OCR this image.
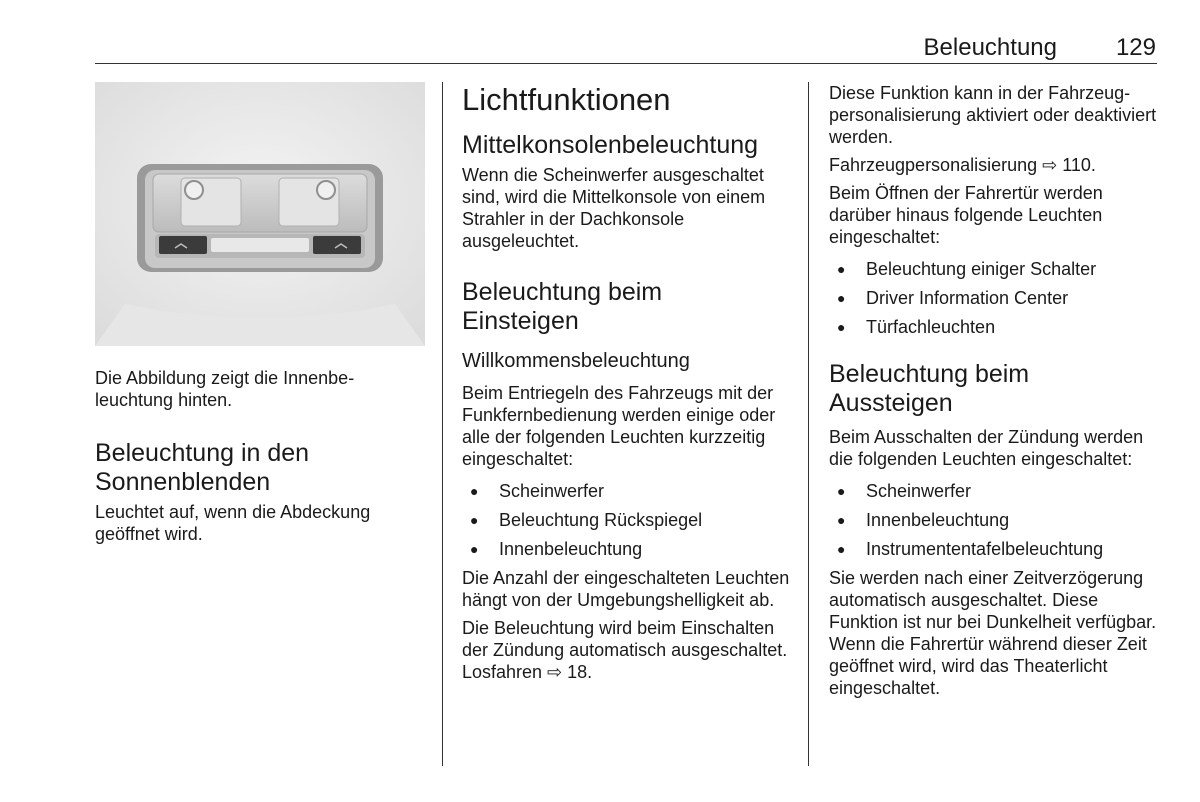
Beleuchtung 129

Die Abbildung zeigt die Innenbeleuchtung hinten.

Beleuchtung in den Sonnenblenden

Leuchtet auf, wenn die Abdeckung geöffnet wird.

Lichtfunktionen
Mittelkonsolenbeleuchtung

Wenn die Scheinwerfer ausgeschaltet sind, wird die Mittelkonsole von einem Strahler in der Dachkonsole ausgeleuchtet.

Beleuchtung beim Einsteigen
Willkommensbeleuchtung

Beim Entriegeln des Fahrzeugs mit der Funkfernbedienung werden einige oder alle der folgenden Leuchten kurzzeitig eingeschaltet:

● Scheinwerfer
● Beleuchtung Rückspiegel
● Innenbeleuchtung

Die Anzahl der eingeschalteten Leuchten hängt von der Umgebungshelligkeit ab.

Die Beleuchtung wird beim Einschalten der Zündung automatisch ausgeschaltet. Losfahren ⇨ 18.

Diese Funktion kann in der Fahrzeugpersonalisierung aktiviert oder deaktiviert werden.

Fahrzeugpersonalisierung ⇨ 110.

Beim Öffnen der Fahrertür werden darüber hinaus folgende Leuchten eingeschaltet:

● Beleuchtung einiger Schalter
● Driver Information Center
● Türfachleuchten
Beleuchtung beim Aussteigen

Beim Ausschalten der Zündung werden die folgenden Leuchten eingeschaltet:

● Scheinwerfer
● Innenbeleuchtung
● Instrumententafelbeleuchtung

Sie werden nach einer Zeitverzögerung automatisch ausgeschaltet. Diese Funktion ist nur bei Dunkelheit verfügbar. Wenn die Fahrertür während dieser Zeit geöffnet wird, wird das Theaterlicht eingeschaltet.
